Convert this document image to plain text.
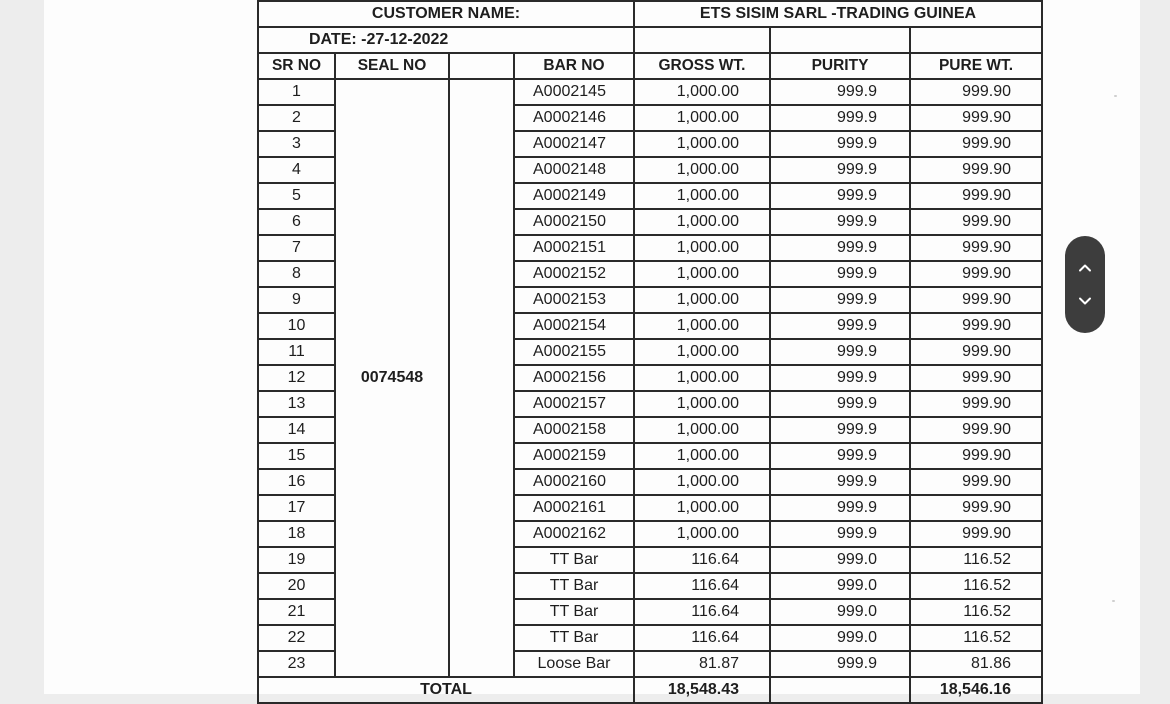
CUSTOMER NAME:				ETS SISIM SARL -TRADING GUINEA		
DATE: -27-12-2022						
SR NO	SEAL NO		BAR NO	GROSS WT.	PURITY	PURE WT.
1	0074548		A0002145	1,000.00	999.9	999.90
2			A0002146	1,000.00	999.9	999.90
3			A0002147	1,000.00	999.9	999.90
4			A0002148	1,000.00	999.9	999.90
5			A0002149	1,000.00	999.9	999.90
6			A0002150	1,000.00	999.9	999.90
7			A0002151	1,000.00	999.9	999.90
8			A0002152	1,000.00	999.9	999.90
9			A0002153	1,000.00	999.9	999.90
10			A0002154	1,000.00	999.9	999.90
11			A0002155	1,000.00	999.9	999.90
12			A0002156	1,000.00	999.9	999.90
13			A0002157	1,000.00	999.9	999.90
14			A0002158	1,000.00	999.9	999.90
15			A0002159	1,000.00	999.9	999.90
16			A0002160	1,000.00	999.9	999.90
17			A0002161	1,000.00	999.9	999.90
18			A0002162	1,000.00	999.9	999.90
19			TT Bar	116.64	999.0	116.52
20			TT Bar	116.64	999.0	116.52
21			TT Bar	116.64	999.0	116.52
22			TT Bar	116.64	999.0	116.52
23			Loose Bar	81.87	999.9	81.86
TOTAL				18,548.43		18,546.16
